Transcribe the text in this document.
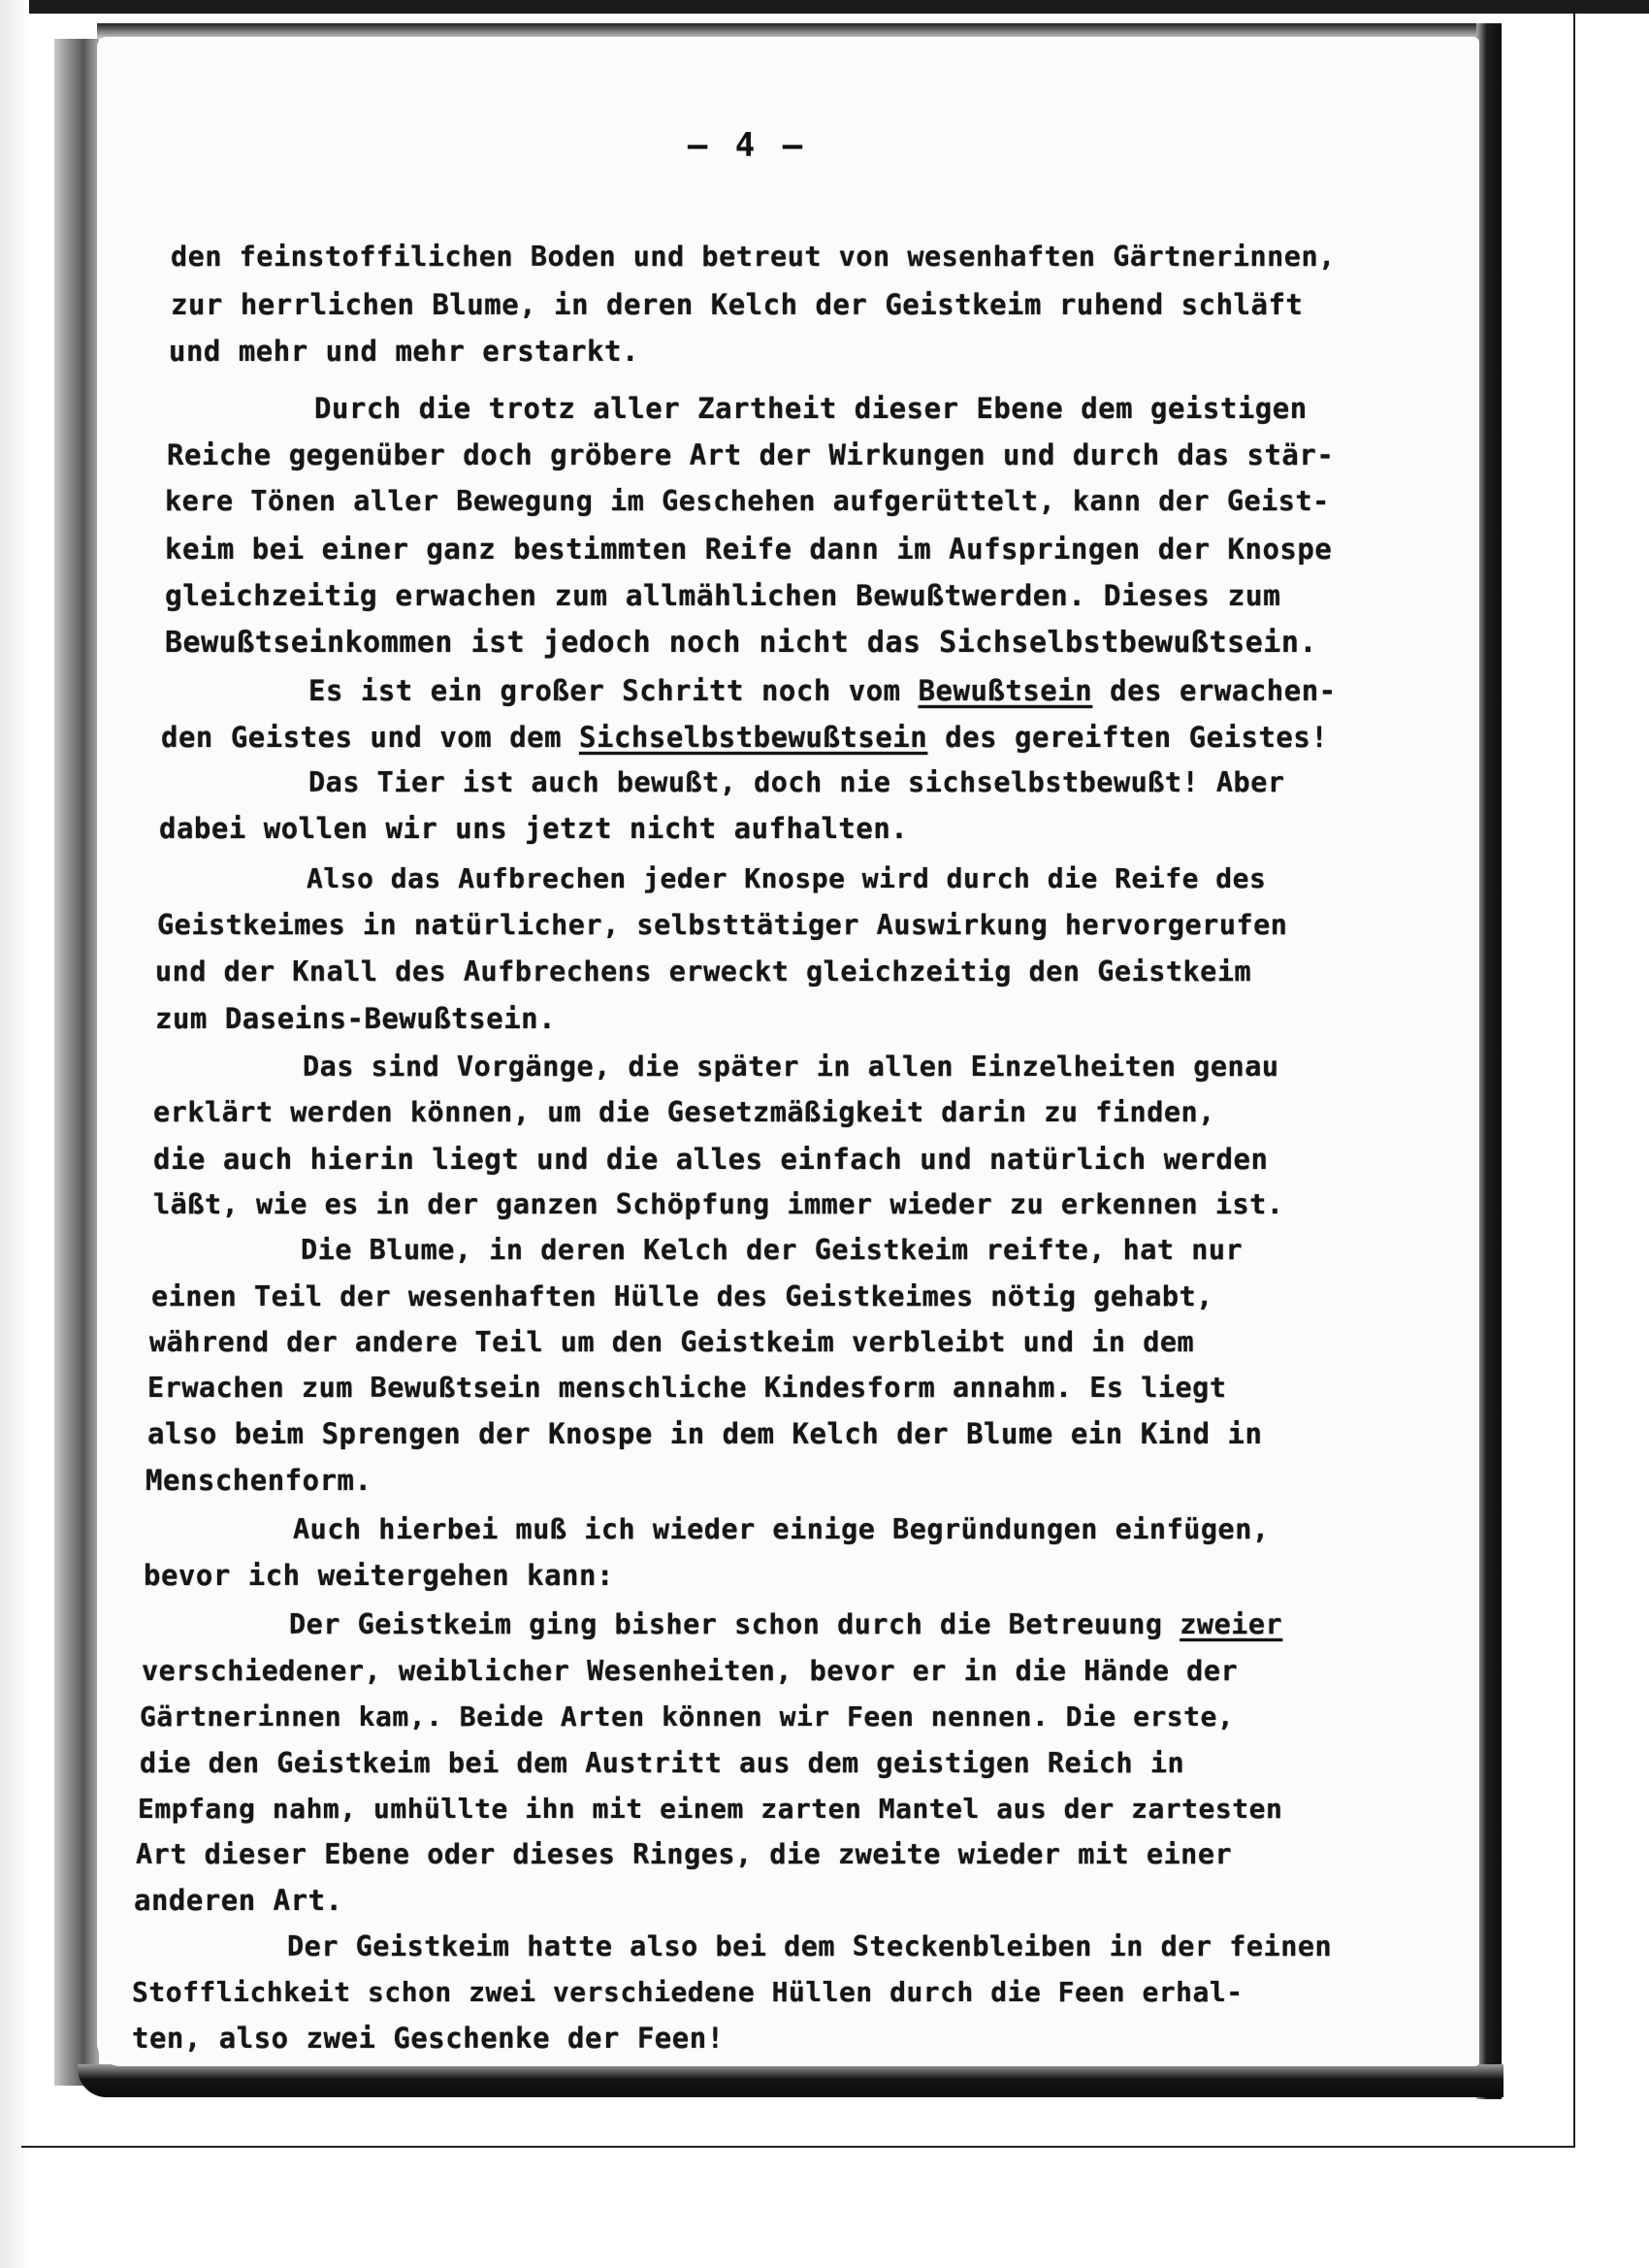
– 4 –
den feinstoffilichen Boden und betreut von wesenhaften Gärtnerinnen,
zur herrlichen Blume, in deren Kelch der Geistkeim ruhend schläft
und mehr und mehr erstarkt.
Durch die trotz aller Zartheit dieser Ebene dem geistigen
Reiche gegenüber doch gröbere Art der Wirkungen und durch das stär-
kere Tönen aller Bewegung im Geschehen aufgerüttelt, kann der Geist-
keim bei einer ganz bestimmten Reife dann im Aufspringen der Knospe
gleichzeitig erwachen zum allmählichen Bewußtwerden. Dieses zum
Bewußtseinkommen ist jedoch noch nicht das Sichselbstbewußtsein.
Es ist ein großer Schritt noch vom Bewußtsein des erwachen-
den Geistes und vom dem Sichselbstbewußtsein des gereiften Geistes!
Das Tier ist auch bewußt, doch nie sichselbstbewußt! Aber
dabei wollen wir uns jetzt nicht aufhalten.
Also das Aufbrechen jeder Knospe wird durch die Reife des
Geistkeimes in natürlicher, selbsttätiger Auswirkung hervorgerufen
und der Knall des Aufbrechens erweckt gleichzeitig den Geistkeim
zum Daseins-Bewußtsein.
Das sind Vorgänge, die später in allen Einzelheiten genau
erklärt werden können, um die Gesetzmäßigkeit darin zu finden,
die auch hierin liegt und die alles einfach und natürlich werden
läßt, wie es in der ganzen Schöpfung immer wieder zu erkennen ist.
Die Blume, in deren Kelch der Geistkeim reifte, hat nur
einen Teil der wesenhaften Hülle des Geistkeimes nötig gehabt,
während der andere Teil um den Geistkeim verbleibt und in dem
Erwachen zum Bewußtsein menschliche Kindesform annahm. Es liegt
also beim Sprengen der Knospe in dem Kelch der Blume ein Kind in
Menschenform.
Auch hierbei muß ich wieder einige Begründungen einfügen,
bevor ich weitergehen kann:
Der Geistkeim ging bisher schon durch die Betreuung zweier
verschiedener, weiblicher Wesenheiten, bevor er in die Hände der
Gärtnerinnen kam,. Beide Arten können wir Feen nennen. Die erste,
die den Geistkeim bei dem Austritt aus dem geistigen Reich in
Empfang nahm, umhüllte ihn mit einem zarten Mantel aus der zartesten
Art dieser Ebene oder dieses Ringes, die zweite wieder mit einer
anderen Art.
Der Geistkeim hatte also bei dem Steckenbleiben in der feinen
Stofflichkeit schon zwei verschiedene Hüllen durch die Feen erhal-
ten, also zwei Geschenke der Feen!
